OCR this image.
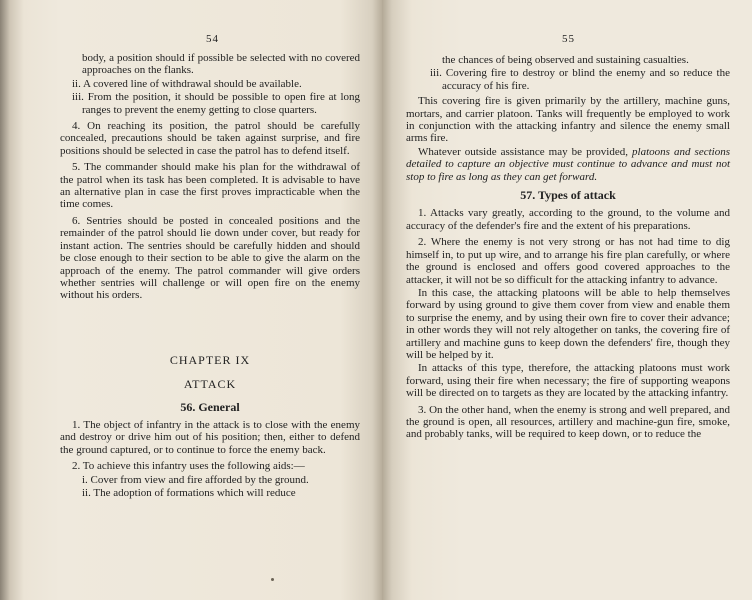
54

body, a position should if possible be selected with no covered approaches on the flanks.

ii. A covered line of withdrawal should be available.

iii. From the position, it should be possible to open fire at long ranges to prevent the enemy getting to close quarters.

4. On reaching its position, the patrol should be carefully concealed, precautions should be taken against surprise, and fire positions should be selected in case the patrol has to defend itself.

5. The commander should make his plan for the withdrawal of the patrol when its task has been completed. It is advisable to have an alternative plan in case the first proves impracticable when the time comes.

6. Sentries should be posted in concealed positions and the remainder of the patrol should lie down under cover, but ready for instant action. The sentries should be carefully hidden and should be close enough to their section to be able to give the alarm on the approach of the enemy. The patrol commander will give orders whether sentries will challenge or will open fire on the enemy without his orders.

CHAPTER IX
ATTACK
56. General

1. The object of infantry in the attack is to close with the enemy and destroy or drive him out of his position; then, either to defend the ground captured, or to continue to force the enemy back.

2. To achieve this infantry uses the following aids:—

i. Cover from view and fire afforded by the ground.

ii. The adoption of formations which will reduce

55

the chances of being observed and sustaining casualties.

iii. Covering fire to destroy or blind the enemy and so reduce the accuracy of his fire.

This covering fire is given primarily by the artillery, machine guns, mortars, and carrier platoon. Tanks will frequently be employed to work in conjunction with the attacking infantry and silence the enemy small arms fire.

Whatever outside assistance may be provided, platoons and sections detailed to capture an objective must continue to advance and must not stop to fire as long as they can get forward.

57. Types of attack

1. Attacks vary greatly, according to the ground, to the volume and accuracy of the defender's fire and the extent of his preparations.

2. Where the enemy is not very strong or has not had time to dig himself in, to put up wire, and to arrange his fire plan carefully, or where the ground is enclosed and offers good covered approaches to the attacker, it will not be so difficult for the attacking infantry to advance.

In this case, the attacking platoons will be able to help themselves forward by using ground to give them cover from view and enable them to surprise the enemy, and by using their own fire to cover their advance; in other words they will not rely altogether on tanks, the covering fire of artillery and machine guns to keep down the defenders' fire, though they will be helped by it.

In attacks of this type, therefore, the attacking platoons must work forward, using their fire when necessary; the fire of supporting weapons will be directed on to targets as they are located by the attacking infantry.

3. On the other hand, when the enemy is strong and well prepared, and the ground is open, all resources, artillery and machine-gun fire, smoke, and probably tanks, will be required to keep down, or to reduce the
